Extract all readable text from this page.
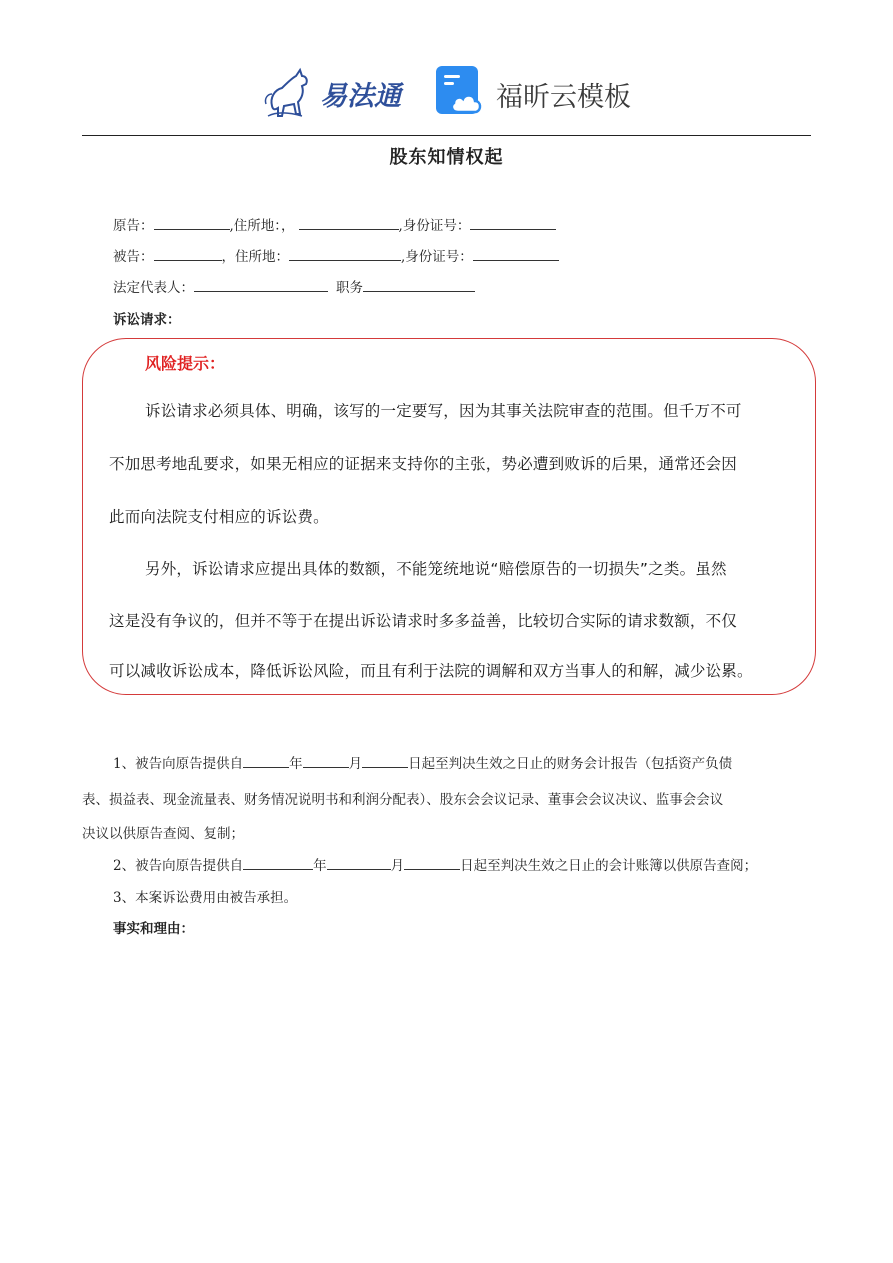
易法通	福昕云模板
股东知情权起
原告：	,住所地：，	,身份证号：
被告：	，住所地：	,身份证号：
法定代表人：	职务
诉讼请求：
风险提示：
诉讼请求必须具体、明确，该写的一定要写，因为其事关法院审查的范围。但千万不可
不加思考地乱要求，如果无相应的证据来支持你的主张，势必遭到败诉的后果，通常还会因
此而向法院支付相应的诉讼费。
另外，诉讼请求应提出具体的数额，不能笼统地说“赔偿原告的一切损失”之类。虽然
这是没有争议的，但并不等于在提出诉讼请求时多多益善，比较切合实际的请求数额，不仅
可以减收诉讼成本，降低诉讼风险，而且有利于法院的调解和双方当事人的和解，减少讼累。
1、被告向原告提供自	年	月	日起至判决生效之日止的财务会计报告（包括资产负债
表、损益表、现金流量表、财务情况说明书和利润分配表）、股东会会议记录、董事会会议决议、监事会会议
决议以供原告查阅、复制；
2、被告向原告提供自	年	月	日起至判决生效之日止的会计账簿以供原告查阅；
3、本案诉讼费用由被告承担。
事实和理由：
